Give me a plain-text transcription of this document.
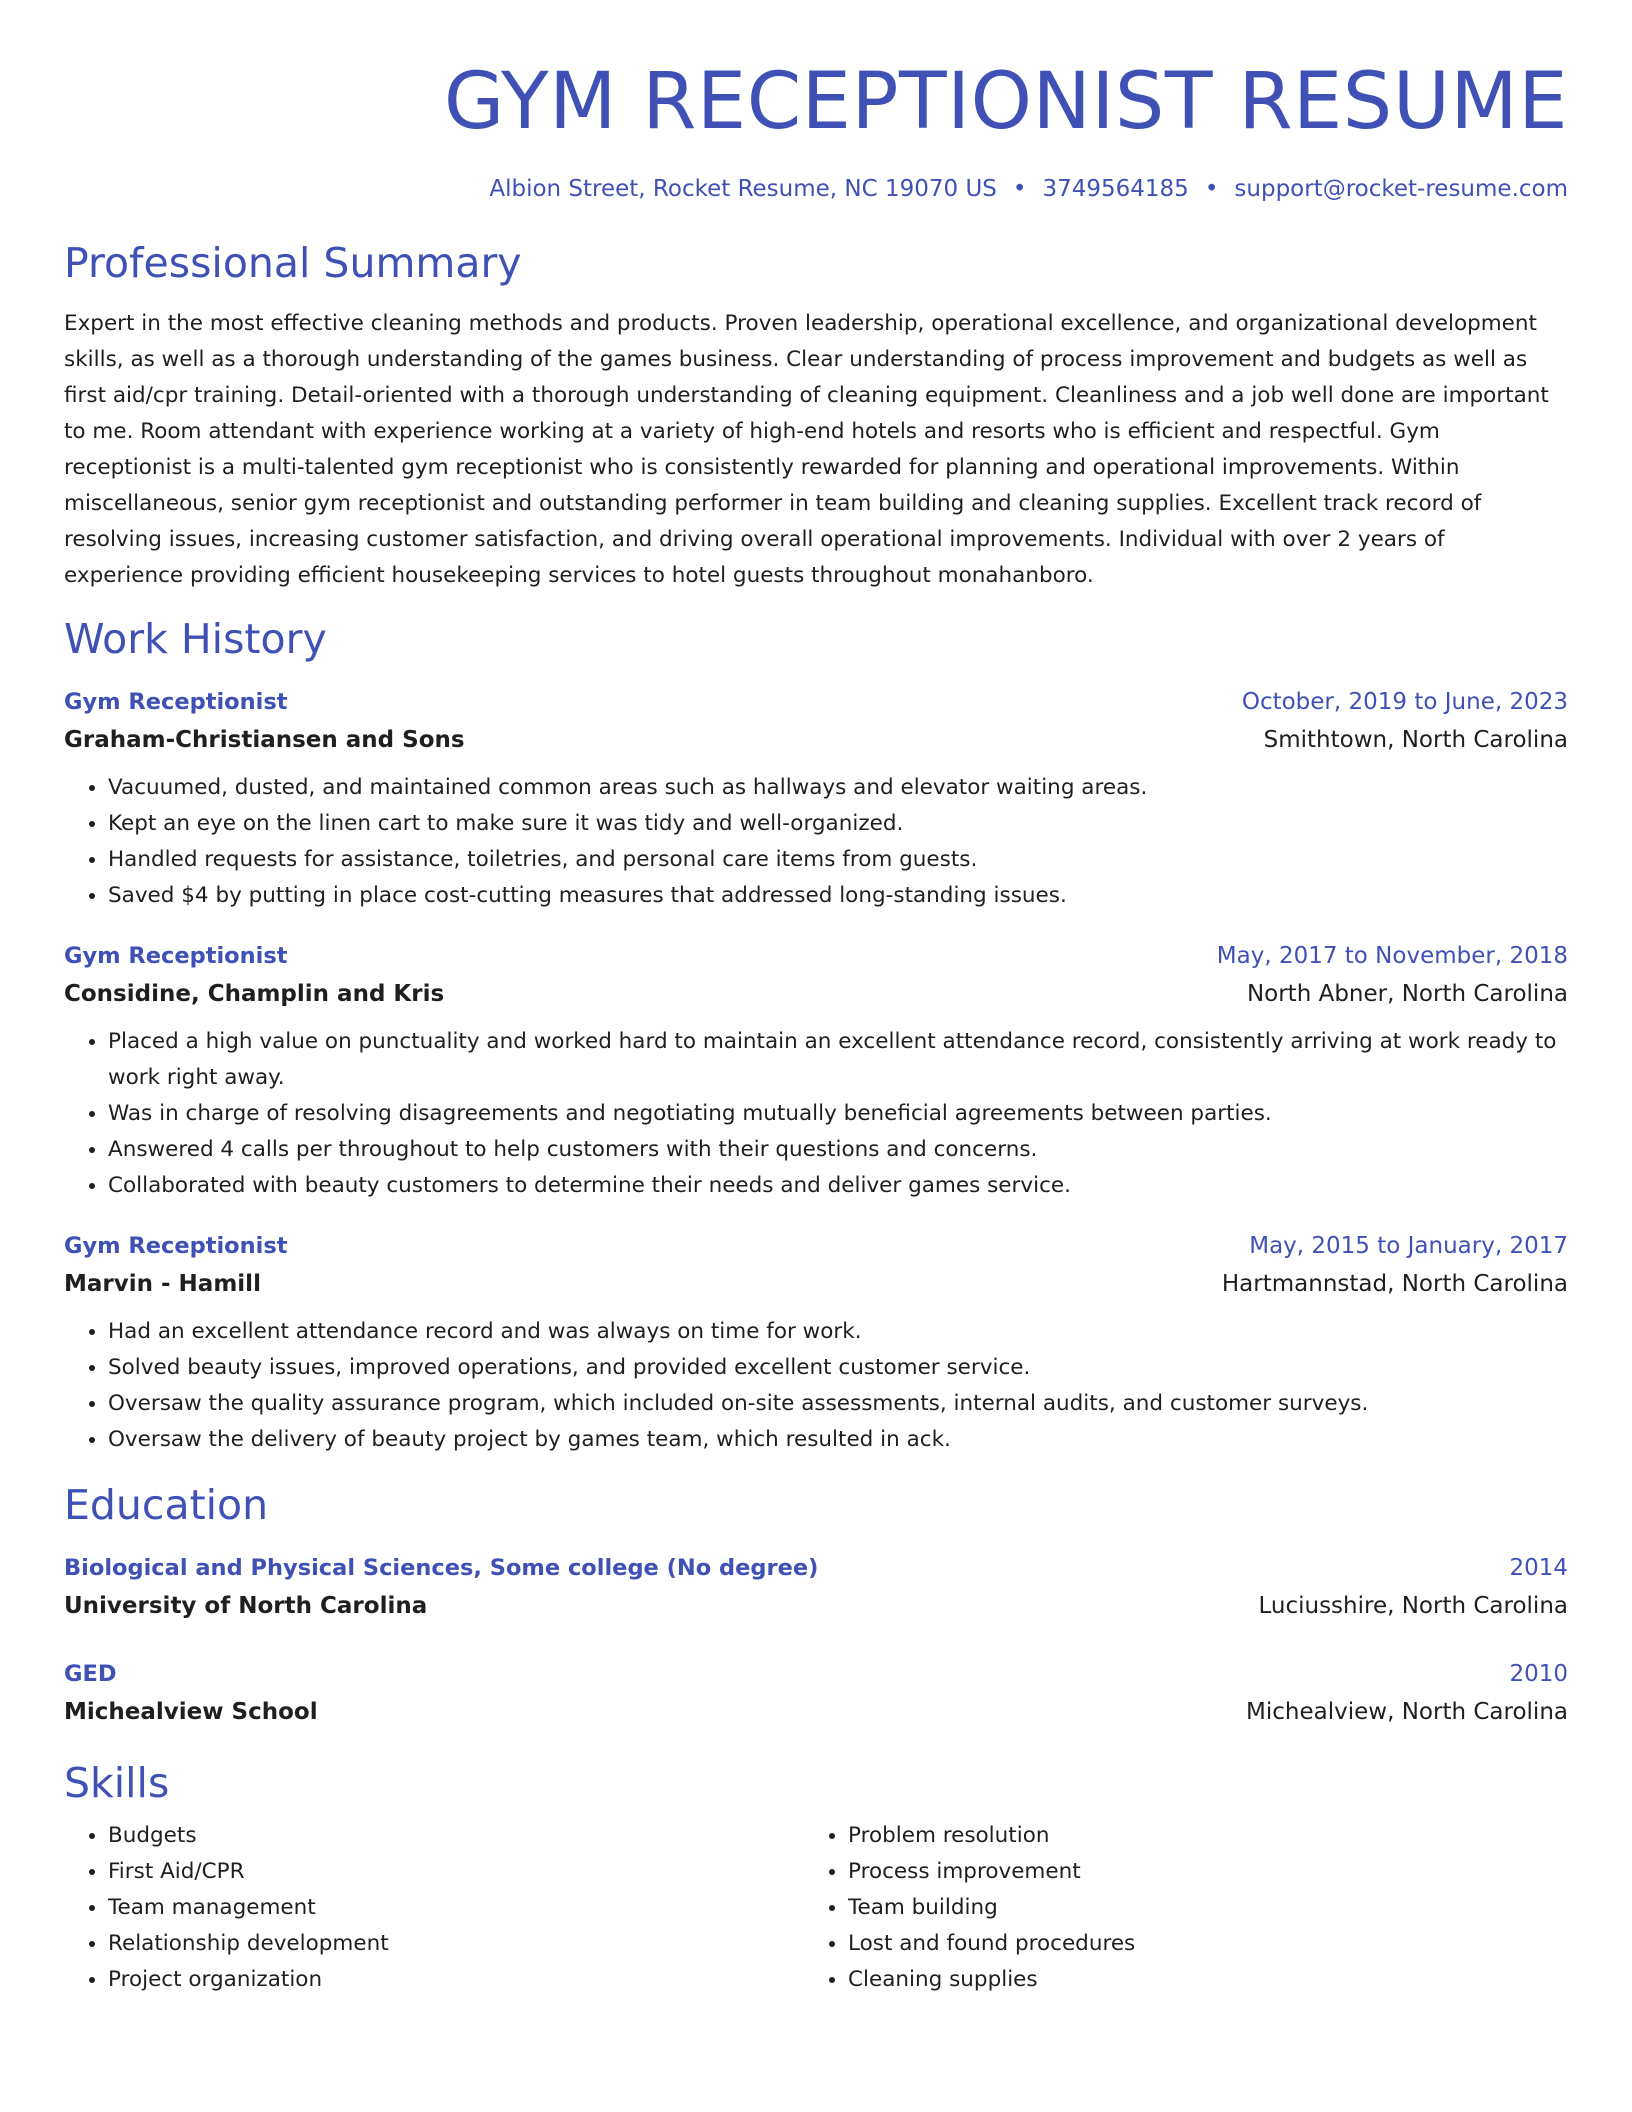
GYM RECEPTIONIST RESUME
Albion Street, Rocket Resume, NC 19070 US • 3749564185 • support@rocket-resume.com
Professional Summary
Expert in the most effective cleaning methods and products. Proven leadership, operational excellence, and organizational development skills, as well as a thorough understanding of the games business. Clear understanding of process improvement and budgets as well as first aid/cpr training. Detail-oriented with a thorough understanding of cleaning equipment. Cleanliness and a job well done are important to me. Room attendant with experience working at a variety of high-end hotels and resorts who is efficient and respectful. Gym receptionist is a multi-talented gym receptionist who is consistently rewarded for planning and operational improvements. Within miscellaneous, senior gym receptionist and outstanding performer in team building and cleaning supplies. Excellent track record of resolving issues, increasing customer satisfaction, and driving overall operational improvements. Individual with over 2 years of experience providing efficient housekeeping services to hotel guests throughout monahanboro.
Work History
Gym Receptionist	October, 2019 to June, 2023
Graham-Christiansen and Sons	Smithtown, North Carolina
• Vacuumed, dusted, and maintained common areas such as hallways and elevator waiting areas.
• Kept an eye on the linen cart to make sure it was tidy and well-organized.
• Handled requests for assistance, toiletries, and personal care items from guests.
• Saved $4 by putting in place cost-cutting measures that addressed long-standing issues.
Gym Receptionist	May, 2017 to November, 2018
Considine, Champlin and Kris	North Abner, North Carolina
• Placed a high value on punctuality and worked hard to maintain an excellent attendance record, consistently arriving at work ready to work right away.
• Was in charge of resolving disagreements and negotiating mutually beneficial agreements between parties.
• Answered 4 calls per throughout to help customers with their questions and concerns.
• Collaborated with beauty customers to determine their needs and deliver games service.
Gym Receptionist	May, 2015 to January, 2017
Marvin - Hamill	Hartmannstad, North Carolina
• Had an excellent attendance record and was always on time for work.
• Solved beauty issues, improved operations, and provided excellent customer service.
• Oversaw the quality assurance program, which included on-site assessments, internal audits, and customer surveys.
• Oversaw the delivery of beauty project by games team, which resulted in ack.
Education
Biological and Physical Sciences, Some college (No degree)	2014
University of North Carolina	Luciusshire, North Carolina
GED	2010
Michealview School	Michealview, North Carolina
Skills
• Budgets
• First Aid/CPR
• Team management
• Relationship development
• Project organization
• Problem resolution
• Process improvement
• Team building
• Lost and found procedures
• Cleaning supplies
